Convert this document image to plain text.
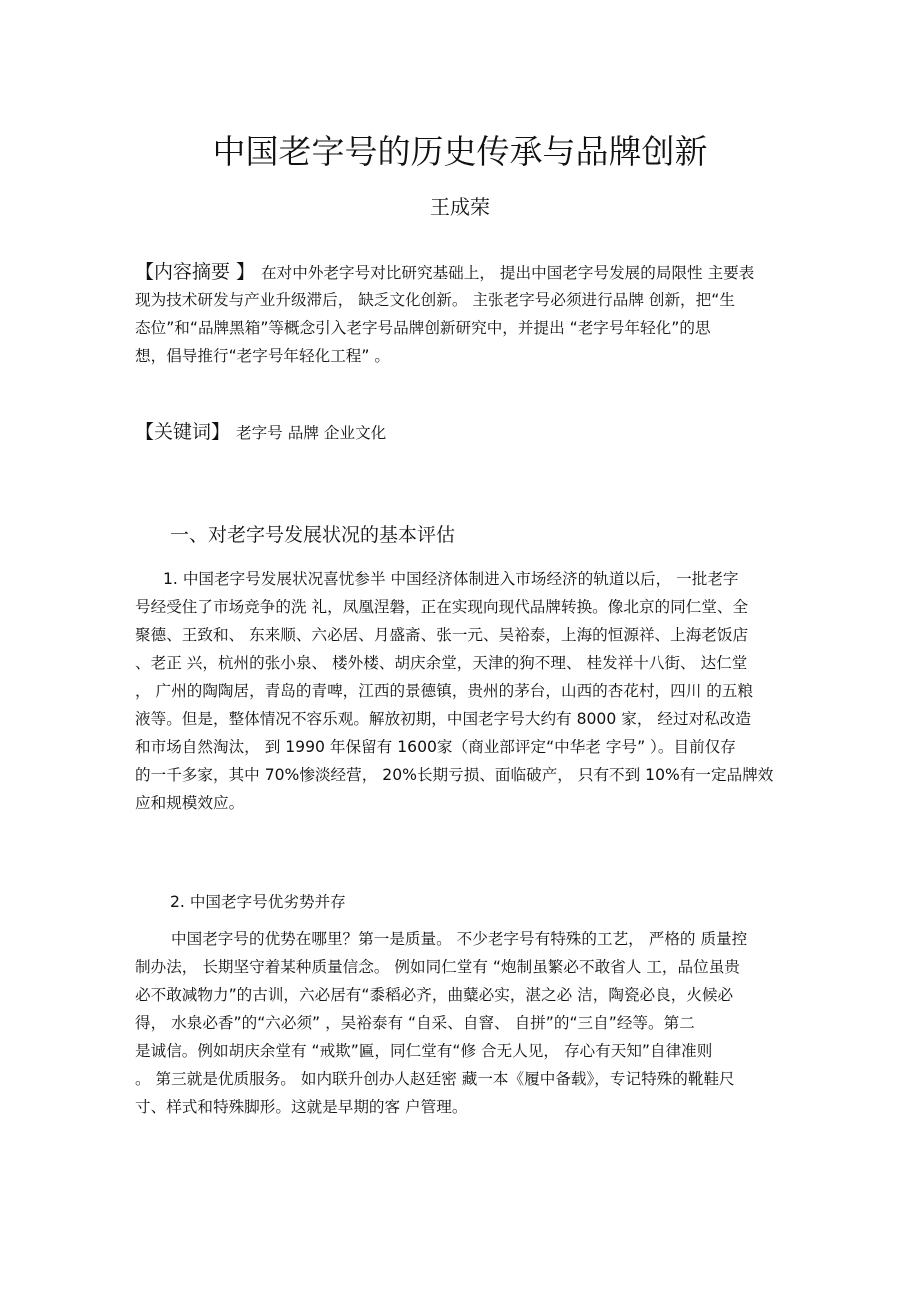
中国老字号的历史传承与品牌创新
王成荣
【内容摘要 】 在对中外老字号对比研究基础上， 提出中国老字号发展的局限性 主要表
现为技术研发与产业升级滞后， 缺乏文化创新。 主张老字号必须进行品牌 创新，把“生
态位”和“品牌黑箱”等概念引入老字号品牌创新研究中，并提出 “老字号年轻化”的思
想，倡导推行“老字号年轻化工程” 。
【关键词】 老字号 品牌 企业文化
一、对老字号发展状况的基本评估
1. 中国老字号发展状况喜忧参半 中国经济体制进入市场经济的轨道以后， 一批老字
号经受住了市场竞争的洗 礼，凤凰涅磐，正在实现向现代品牌转换。像北京的同仁堂、全
聚德、王致和、 东来顺、六必居、月盛斋、张一元、吴裕泰，上海的恒源祥、上海老饭店
、老正 兴，杭州的张小泉、 楼外楼、胡庆余堂，天津的狗不理、 桂发祥十八街、 达仁堂
， 广州的陶陶居，青岛的青啤，江西的景德镇，贵州的茅台，山西的杏花村，四川 的五粮
液等。但是，整体情况不容乐观。解放初期，中国老字号大约有 8000 家， 经过对私改造
和市场自然淘汰， 到 1990 年保留有 1600家（商业部评定“中华老 字号” ）。目前仅存
的一千多家，其中 70%惨淡经营， 20%长期亏损、面临破产， 只有不到 10%有一定品牌效
应和规模效应。
2. 中国老字号优劣势并存
中国老字号的优势在哪里？第一是质量。 不少老字号有特殊的工艺， 严格的 质量控
制办法， 长期坚守着某种质量信念。 例如同仁堂有 “炮制虽繁必不敢省人 工，品位虽贵
必不敢减物力”的古训，六必居有“黍稻必齐，曲糵必实，湛之必 洁，陶瓷必良，火候必
得， 水泉必香”的“六必须” ，吴裕泰有 “自采、自窨、 自拼”的“三自”经等。第二
是诚信。例如胡庆余堂有 “戒欺”匾，同仁堂有“修 合无人见， 存心有天知”自律准则
。 第三就是优质服务。 如内联升创办人赵廷密 藏一本《履中备载》，专记特殊的靴鞋尺
寸、样式和特殊脚形。这就是早期的客 户管理。
